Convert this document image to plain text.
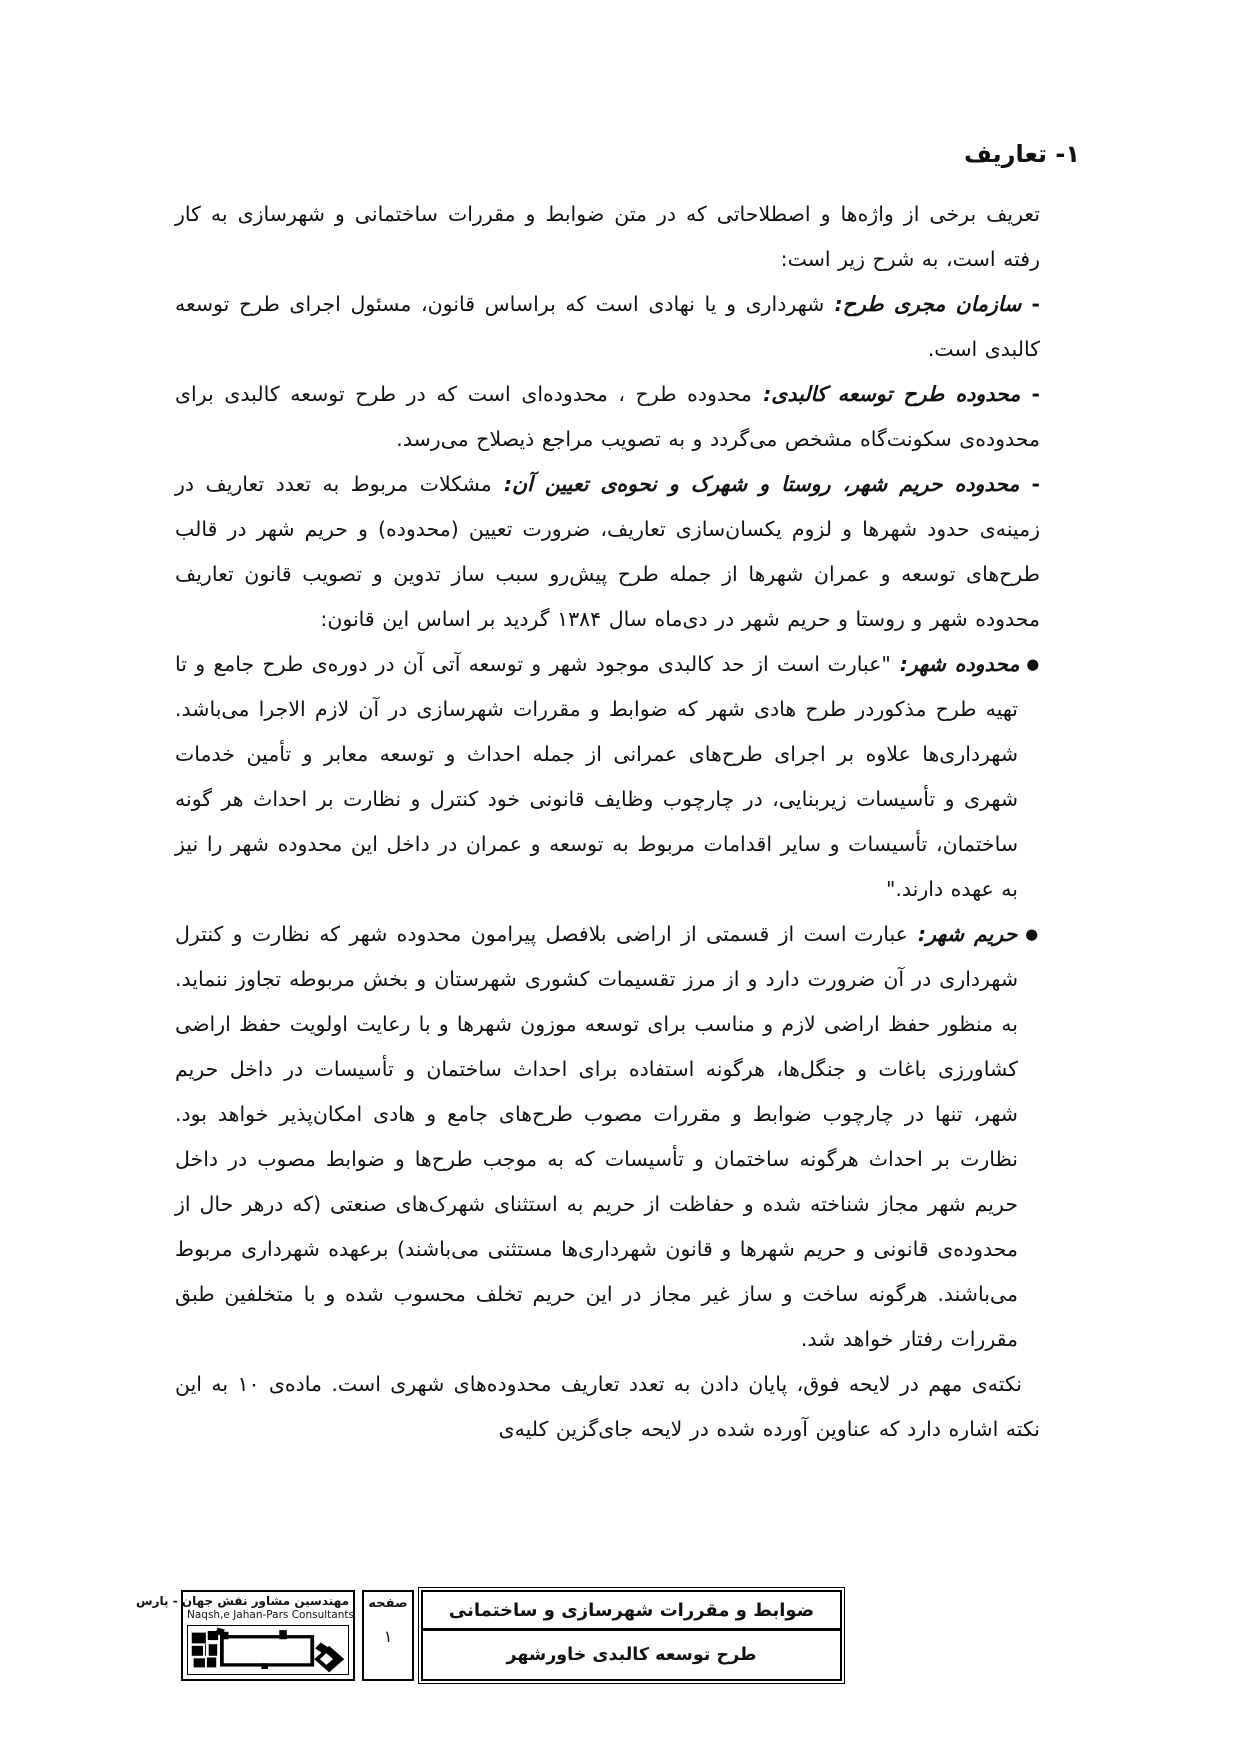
۱- تعاریف

تعریف برخی از واژه‌ها و اصطلاحاتی که در متن ضوابط و مقررات ساختمانی و شهرسازی به کار رفته است، به شرح زیر است:

- سازمان مجری طرح: شهرداری و یا نهادی است که براساس قانون، مسئول اجرای طرح توسعه کالبدی است.

- محدوده طرح توسعه کالبدی: محدوده طرح ، محدوده‌ای است که در طرح توسعه کالبدی برای محدوده‌ی سکونت‌گاه مشخص می‌گردد و به تصویب مراجع ذیصلاح می‌رسد.

- محدوده حریم شهر، روستا و شهرک و نحوه‌ی تعیین آن: مشکلات مربوط به تعدد تعاریف در زمینه‌ی حدود شهرها و لزوم یکسان‌سازی تعاریف، ضرورت تعیین (محدوده) و حریم شهر در قالب طرح‌های توسعه و عمران شهرها از جمله طرح پیش‌رو سبب ساز تدوین و تصویب قانون تعاریف محدوده شهر و روستا و حریم شهر در دی‌ماه سال ۱۳۸۴ گردید بر اساس این قانون:

● محدوده شهر: "عبارت است از حد کالبدی موجود شهر و توسعه آتی آن در دوره‌ی طرح جامع و تا تهیه طرح مذکوردر طرح هادی شهر که ضوابط و مقررات شهرسازی در آن لازم الاجرا می‌باشد. شهرداری‌ها علاوه بر اجرای طرح‌های عمرانی از جمله احداث و توسعه معابر و تأمین خدمات شهری و تأسیسات زیربنایی، در چارچوب وظایف قانونی خود کنترل و نظارت بر احداث هر گونه ساختمان، تأسیسات و سایر اقدامات مربوط به توسعه و عمران در داخل این محدوده شهر را نیز به عهده دارند."

● حریم شهر: عبارت است از قسمتی از اراضی بلافصل پیرامون محدوده شهر که نظارت و کنترل شهرداری در آن ضرورت دارد و از مرز تقسیمات کشوری شهرستان و بخش مربوطه تجاوز ننماید. به منظور حفظ اراضی لازم و مناسب برای توسعه موزون شهرها و با رعایت اولویت حفظ اراضی کشاورزی باغات و جنگل‌ها، هرگونه استفاده برای احداث ساختمان و تأسیسات در داخل حریم شهر، تنها در چارچوب ضوابط و مقررات مصوب طرح‌های جامع و هادی امکان‌پذیر خواهد بود. نظارت بر احداث هرگونه ساختمان و تأسیسات که به موجب طرح‌ها و ضوابط مصوب در داخل حریم شهر مجاز شناخته شده و حفاظت از حریم به استثنای شهرک‌های صنعتی (که درهر حال از محدوده‌ی قانونی و حریم شهرها و قانون شهرداری‌ها مستثنی می‌باشند) برعهده شهرداری مربوط می‌باشند. هرگونه ساخت و ساز غیر مجاز در این حریم تخلف محسوب شده و با متخلفین طبق مقررات رفتار خواهد شد.

نکته‌ی مهم در لایحه فوق، پایان دادن به تعدد تعاریف محدوده‌های شهری است. ماده‌ی ۱۰ به این نکته اشاره دارد که عناوین آورده شده در لایحه جای‌گزین کلیه‌ی

ضوابط و مقررات شهرسازی و ساختمانی
طرح توسعه کالبدی خاورشهر
صفحه
۱
مهندسین مشاور نقش جهان - پارس
Naqsh,e Jahan-Pars Consultants
